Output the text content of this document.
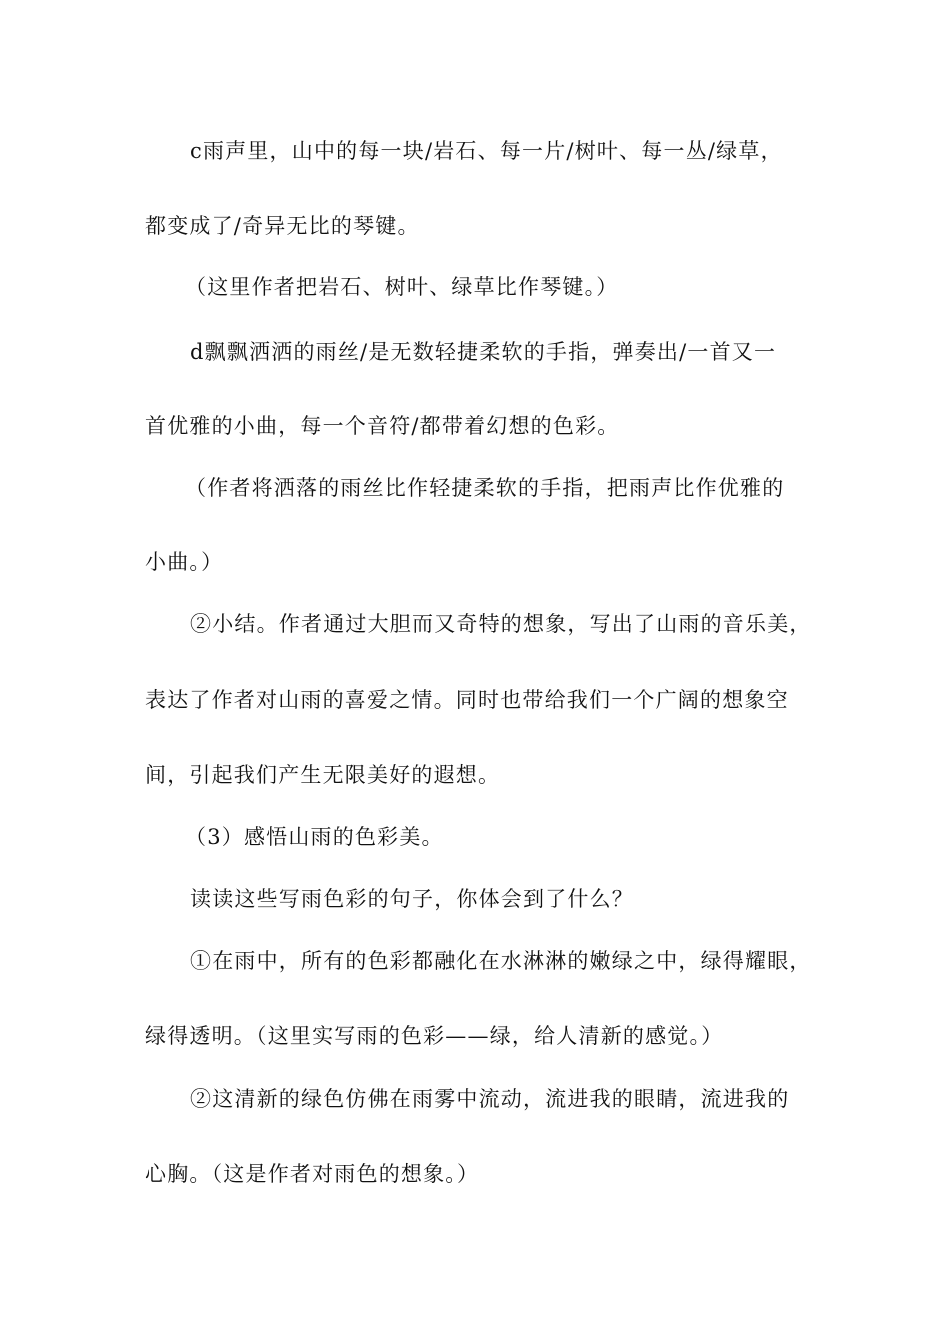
c雨声里，山中的每一块/岩石、每一片/树叶、每一丛/绿草，
都变成了/奇异无比的琴键。
（这里作者把岩石、树叶、绿草比作琴键。）
d飘飘洒洒的雨丝/是无数轻捷柔软的手指，弹奏出/一首又一
首优雅的小曲，每一个音符/都带着幻想的色彩。
（作者将洒落的雨丝比作轻捷柔软的手指，把雨声比作优雅的
小曲。）
②小结。作者通过大胆而又奇特的想象，写出了山雨的音乐美，
表达了作者对山雨的喜爱之情。同时也带给我们一个广阔的想象空
间，引起我们产生无限美好的遐想。
（3）感悟山雨的色彩美。
读读这些写雨色彩的句子，你体会到了什么？
①在雨中，所有的色彩都融化在水淋淋的嫩绿之中，绿得耀眼，
绿得透明。（这里实写雨的色彩——绿，给人清新的感觉。）
②这清新的绿色仿佛在雨雾中流动，流进我的眼睛，流进我的
心胸。（这是作者对雨色的想象。）
